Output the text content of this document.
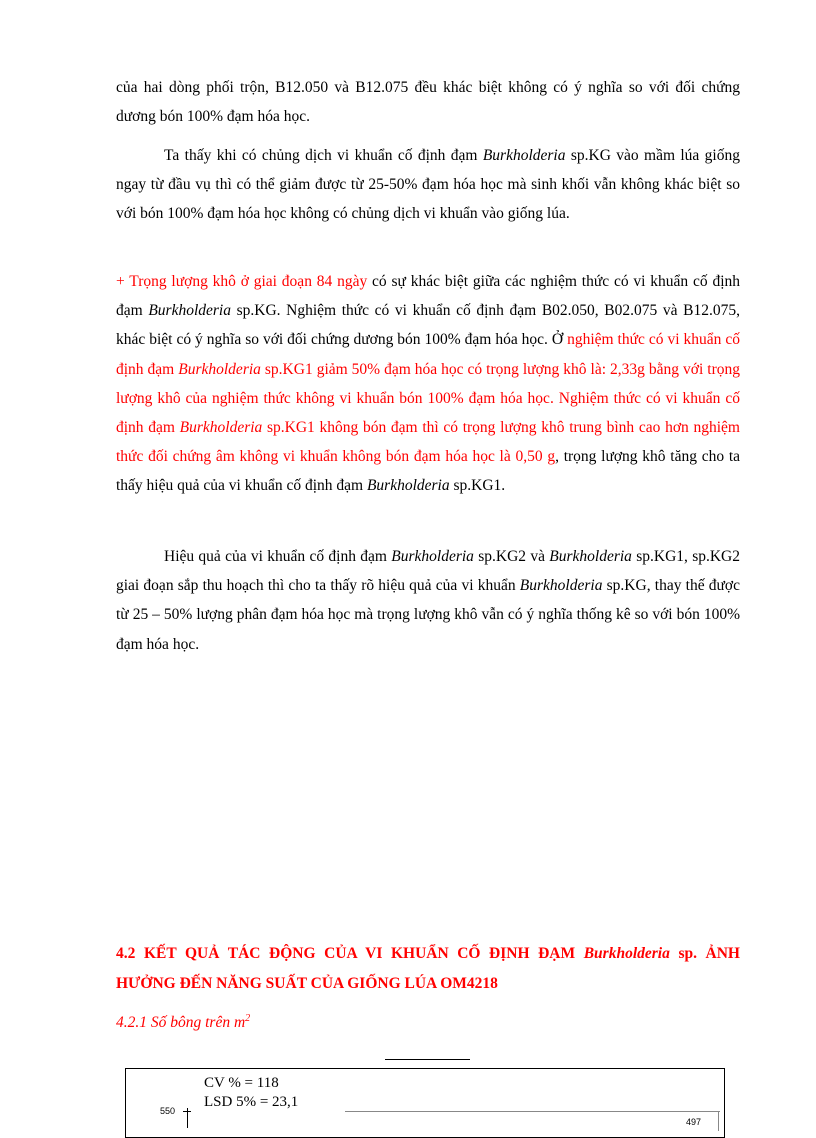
của hai dòng phối trộn, B12.050 và B12.075 đều khác biệt không có ý nghĩa so với đối chứng dương bón 100% đạm hóa học.

Ta thấy khi có chủng dịch vi khuẩn cố định đạm Burkholderia sp.KG vào mầm lúa giống ngay từ đầu vụ thì có thể giảm được từ 25-50% đạm hóa học mà sinh khối vẫn không khác biệt so với bón 100% đạm hóa học không có chủng dịch vi khuẩn vào giống lúa.

+ Trọng lượng khô ở giai đoạn 84 ngày có sự khác biệt giữa các nghiệm thức có vi khuẩn cố định đạm Burkholderia sp.KG. Nghiệm thức có vi khuẩn cố định đạm B02.050, B02.075 và B12.075, khác biệt có ý nghĩa so với đối chứng dương bón 100% đạm hóa học. Ở nghiệm thức có vi khuẩn cố định đạm Burkholderia sp.KG1 giảm 50% đạm hóa học có trọng lượng khô là: 2,33g bằng với trọng lượng khô của nghiệm thức không vi khuẩn bón 100% đạm hóa học. Nghiệm thức có vi khuẩn cố định đạm Burkholderia sp.KG1 không bón đạm thì có trọng lượng khô trung bình cao hơn nghiệm thức đối chứng âm không vi khuẩn không bón đạm hóa học là 0,50 g, trọng lượng khô tăng cho ta thấy hiệu quả của vi khuẩn cố định đạm Burkholderia sp.KG1.

Hiệu quả của vi khuẩn cố định đạm Burkholderia sp.KG2 và Burkholderia sp.KG1, sp.KG2 giai đoạn sắp thu hoạch thì cho ta thấy rõ hiệu quả của vi khuẩn Burkholderia sp.KG, thay thế được từ 25 – 50% lượng phân đạm hóa học mà trọng lượng khô vẫn có ý nghĩa thống kê so với bón 100% đạm hóa học.

4.2 KẾT QUẢ TÁC ĐỘNG CỦA VI KHUẨN CỐ ĐỊNH ĐẠM Burkholderia sp. ẢNH HƯỞNG ĐẾN NĂNG SUẤT CỦA GIỐNG LÚA OM4218

4.2.1 Số bông trên $m^2$

CV % = 118
LSD 5% = 23,1
550
497
